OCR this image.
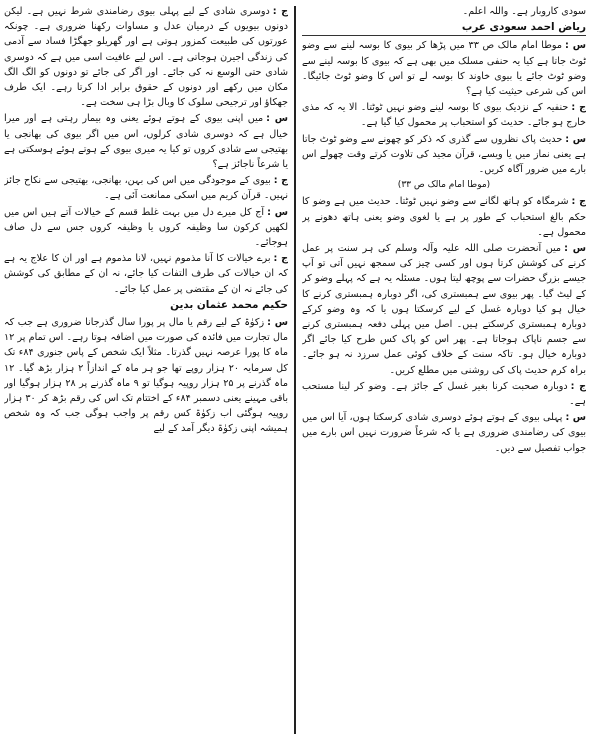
ج :دوسری شادی کے لیے پہلی بیوی رضامندی شرط نہیں ہے۔ لیکن دونوں بیویوں کے درمیان عدل و مساوات رکھنا ضروری ہے۔ چونکہ عورتوں کی طبیعت کمزور ہوتی ہے اور گھریلو جھگڑا فساد سے آدمی کی زندگی اجیرن ہوجاتی ہے۔ اس لیے عافیت اسی میں ہے کہ دوسری شادی حتی الوسع نہ کی جائے۔ اور اگر کی جائے تو دونوں کو الگ الگ مکان میں رکھے اور دونوں کے حقوق برابر ادا کرتا رہے۔ ایک طرف جھکاؤ اور ترجیحی سلوک کا وبال بڑا ہی سخت ہے۔

س :میں اپنی بیوی کے ہوتے ہوئے یعنی وہ بیمار رہتی ہے اور میرا خیال ہے کہ دوسری شادی کرلوں، اس میں اگر بیوی کی بھانجی یا بھتیجی سے شادی کروں تو کیا یہ میری بیوی کے ہوتے ہوئے ہوسکتی ہے یا شرعاً ناجائز ہے؟

ج :بیوی کے موجودگی میں اس کی بہن، بھانجی، بھتیجی سے نکاح جائز نہیں۔ قرآن کریم میں اسکی ممانعت آئی ہے۔

س :آج کل میرے دل میں بہت غلط قسم کے خیالات آتے ہیں اس میں لکھیں کرکون سا وظیفہ کروں یا وظیفہ کروں جس سے دل صاف ہوجائے۔

ج :برے خیالات کا آنا مذموم نہیں، لانا مذموم ہے اور ان کا علاج یہ ہے کہ ان خیالات کی طرف التفات کیا جائے، نہ ان کے مطابق کی کوشش کی جائے نہ ان کے مقتضی پر عمل کیا جائے۔

حکیم محمد عثمان بدین

س :زکوٰۃ کے لیے رقم یا مال پر پورا سال گذرجانا ضروری ہے جب کہ مال تجارت میں فائدہ کی صورت میں اضافہ ہوتا رہے۔ اس تمام پر ۱۲ ماہ کا پورا عرصہ نہیں گذرتا۔ مثلاً ایک شخص کے پاس جنوری ۸۴ء تک کل سرمایہ ۲۰ ہزار روپے تھا جو ہر ماہ کے اندازاً ۲ ہزار بڑھ گیا۔ ۱۲ ماہ گذرنے پر ۲۵ ہزار روپیہ ہوگیا تو ۹ ماہ گذرنے پر ۲۸ ہزار ہوگیا اور باقی مہینے یعنی دسمبر ۸۴ء کے اختتام تک اس کی رقم بڑھ کر ۳۰ ہزار روپیہ ہوگئی اب زکوٰۃ کس رقم پر واجب ہوگی جب کہ وہ شخص ہمیشہ اپنی زکوٰۃ دیگر آمد کے لیے

سودی کاروبار ہے۔ واللہ اعلم۔
ریاض احمد سعودی عرب

س :موطا امام مالک ص ۳۳ میں پڑھا کر بیوی کا بوسہ لینے سے وضو ٹوٹ جاتا ہے کیا یہ حنفی مسلک میں بھی ہے کہ بیوی کا بوسہ لینے سے وضو ٹوٹ جائے یا بیوی خاوند کا بوسہ لے تو اس کا وضو ٹوٹ جائیگا۔ اس کی شرعی حیثیت کیا ہے؟

ج :حنفیہ کے نزدیک بیوی کا بوسہ لینے وضو نہیں ٹوٹتا۔ الا یہ کہ مذی خارج ہو جائے۔ حدیث کو استحباب پر محمول کیا گیا ہے۔

س :حدیث پاک نظروں سے گذری کہ ذکر کو چھونے سے وضو ٹوٹ جاتا ہے یعنی نماز میں یا ویسے، قرآن مجید کی تلاوت کرتے وقت چھولے اس بارے میں ضرور آگاہ کریں۔

(موطا امام مالک ص ۳۳)

ج :شرمگاہ کو ہاتھ لگانے سے وضو نہیں ٹوٹتا۔ حدیث میں ہے وضو کا حکم بالغ استحباب کے طور پر ہے یا لغوی وضو یعنی ہاتھ دھونے پر محمول ہے۔

س :میں آنحضرت صلی اللہ علیہ وآلہ وسلم کی ہر سنت پر عمل کرنے کی کوشش کرتا ہوں اور کسی چیز کی سمجھ نہیں آتی تو آپ جیسے بزرگ حضرات سے پوچھ لیتا ہوں۔ مسئلہ یہ ہے کہ پہلے وضو کر کے لیٹ گیا۔ پھر بیوی سے ہمبستری کی، اگر دوبارہ ہمبستری کرنے کا خیال ہو کیا دوبارہ غسل کے لیے کرسکتا ہوں یا کہ وہ وضو کرکے دوبارہ ہمبستری کرسکتے ہیں۔ اصل میں پہلی دفعہ ہمبستری کرنے سے جسم ناپاک ہوجاتا ہے۔ پھر اس کو پاک کس طرح کیا جائے اگر دوبارہ خیال ہو۔ تاکہ سنت کے خلاف کوئی عمل سرزد نہ ہو جائے۔ براہ کرم حدیث پاک کی روشنی میں مطلع کریں۔

ج :دوبارہ صحبت کرنا بغیر غسل کے جائز ہے۔ وضو کر لینا مستحب ہے۔

س :پہلی بیوی کے ہوتے ہوئے دوسری شادی کرسکتا ہوں، آیا اس میں بیوی کی رضامندی ضروری ہے یا کہ شرعاً ضرورت نہیں اس بارے میں جواب تفصیل سے دیں۔
